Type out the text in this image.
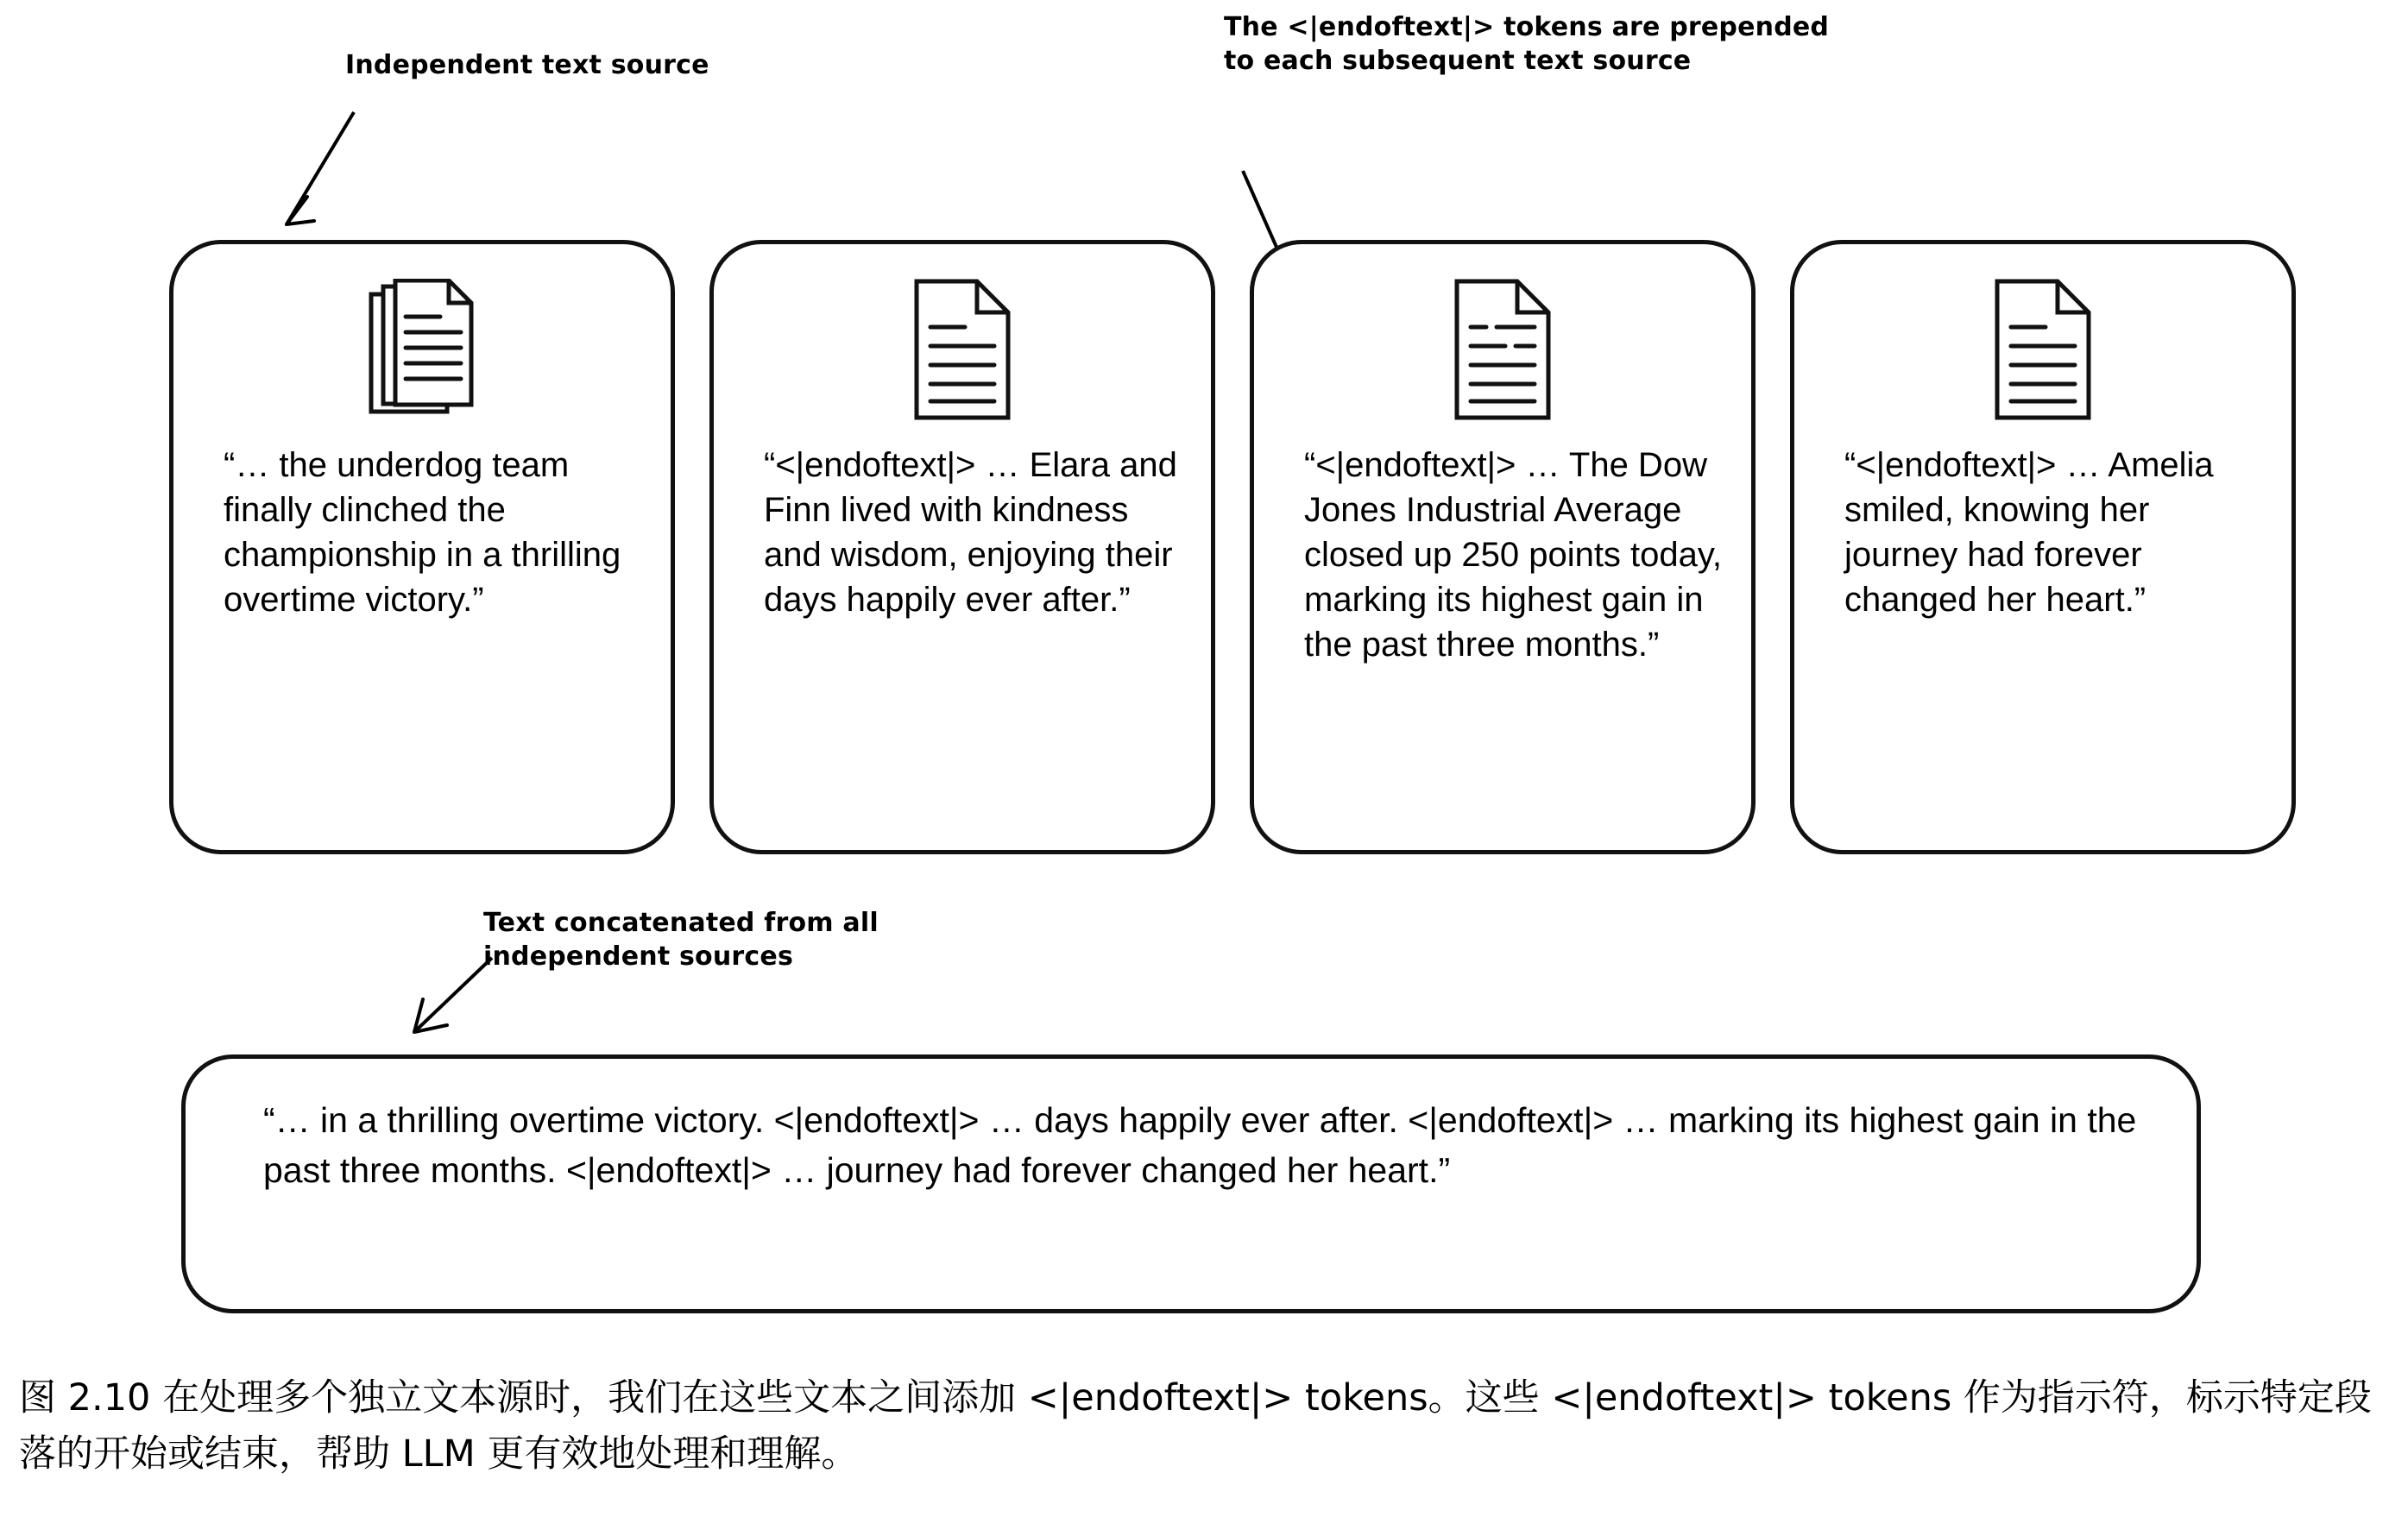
Independent text source
The <|endoftext|> tokens are prepended to each subsequent text source
“… the underdog team finally clinched the championship in a thrilling overtime victory.”
“<|endoftext|> … Elara and Finn lived with kindness and wisdom, enjoying their days happily ever after.”
“<|endoftext|> … The Dow Jones Industrial Average closed up 250 points today, marking its highest gain in the past three months.”
“<|endoftext|> … Amelia smiled, knowing her journey had forever changed her heart.”
Text concatenated from all independent sources
“… in a thrilling overtime victory. <|endoftext|> … days happily ever after. <|endoftext|> … marking its highest gain in the past three months. <|endoftext|> … journey had forever changed her heart.”
图 2.10 在处理多个独立文本源时，我们在这些文本之间添加 <|endoftext|> tokens。这些 <|endoftext|> tokens 作为指示符，标示特定段落的开始或结束，帮助 LLM 更有效地处理和理解。
